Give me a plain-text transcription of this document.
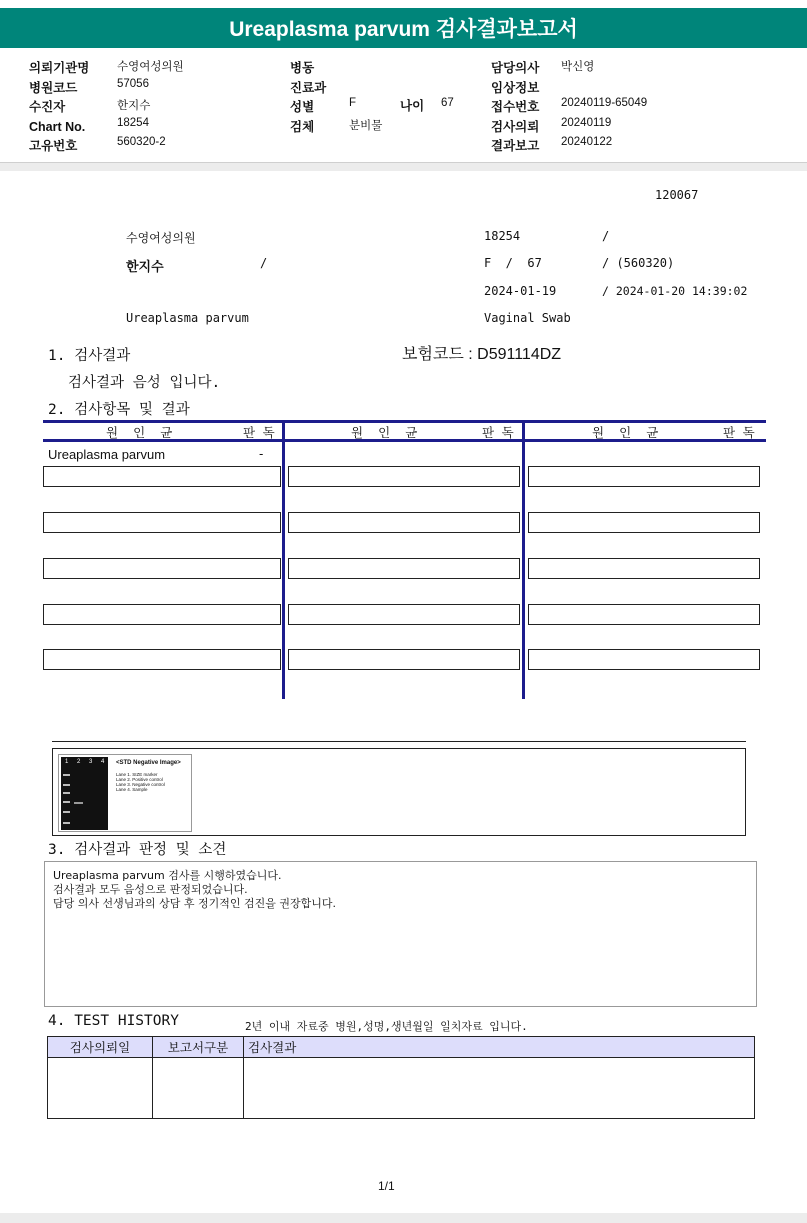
Ureaplasma parvum 검사결과보고서
의뢰기관명 수영여성의원
병원코드	57056
수진자	한지수
Chart No.	18254
고유번호	560320-2
병동
진료과
성별	F	나이 67
검체	분비물
담당의사 박신영
임상정보
접수번호 20240119-65049
검사의뢰 20240119
결과보고 20240122
120067
수영여성의원	18254	/
한지수	/	F  /  67	/ (560320)
2024-01-19	/ 2024-01-20 14:39:02
Ureaplasma parvum	Vaginal Swab
1. 검사결과	보험코드 : D591114DZ
검사결과 음성 입니다.
2. 검사항목 및 결과
원  인  균	판 독	원  인  균	판 독	원  인  균	판 독
Ureaplasma parvum	-
1 2 3 4 <STD Negative Image>
Lane 1. SIZE marker
Lane 2. Positive control
Lane 3. Negative control
Lane 4. Sample
3. 검사결과 판정 및 소견
Ureaplasma parvum 검사를 시행하였습니다.
검사결과 모두 음성으로 판정되었습니다.
담당 의사 선생님과의 상담 후 정기적인 검진을 권장합니다.
4. TEST HISTORY	2년 이내 자료중 병원,성명,생년월일 일치자료 입니다.
검사의뢰일	보고서구분	검사결과

1/1
